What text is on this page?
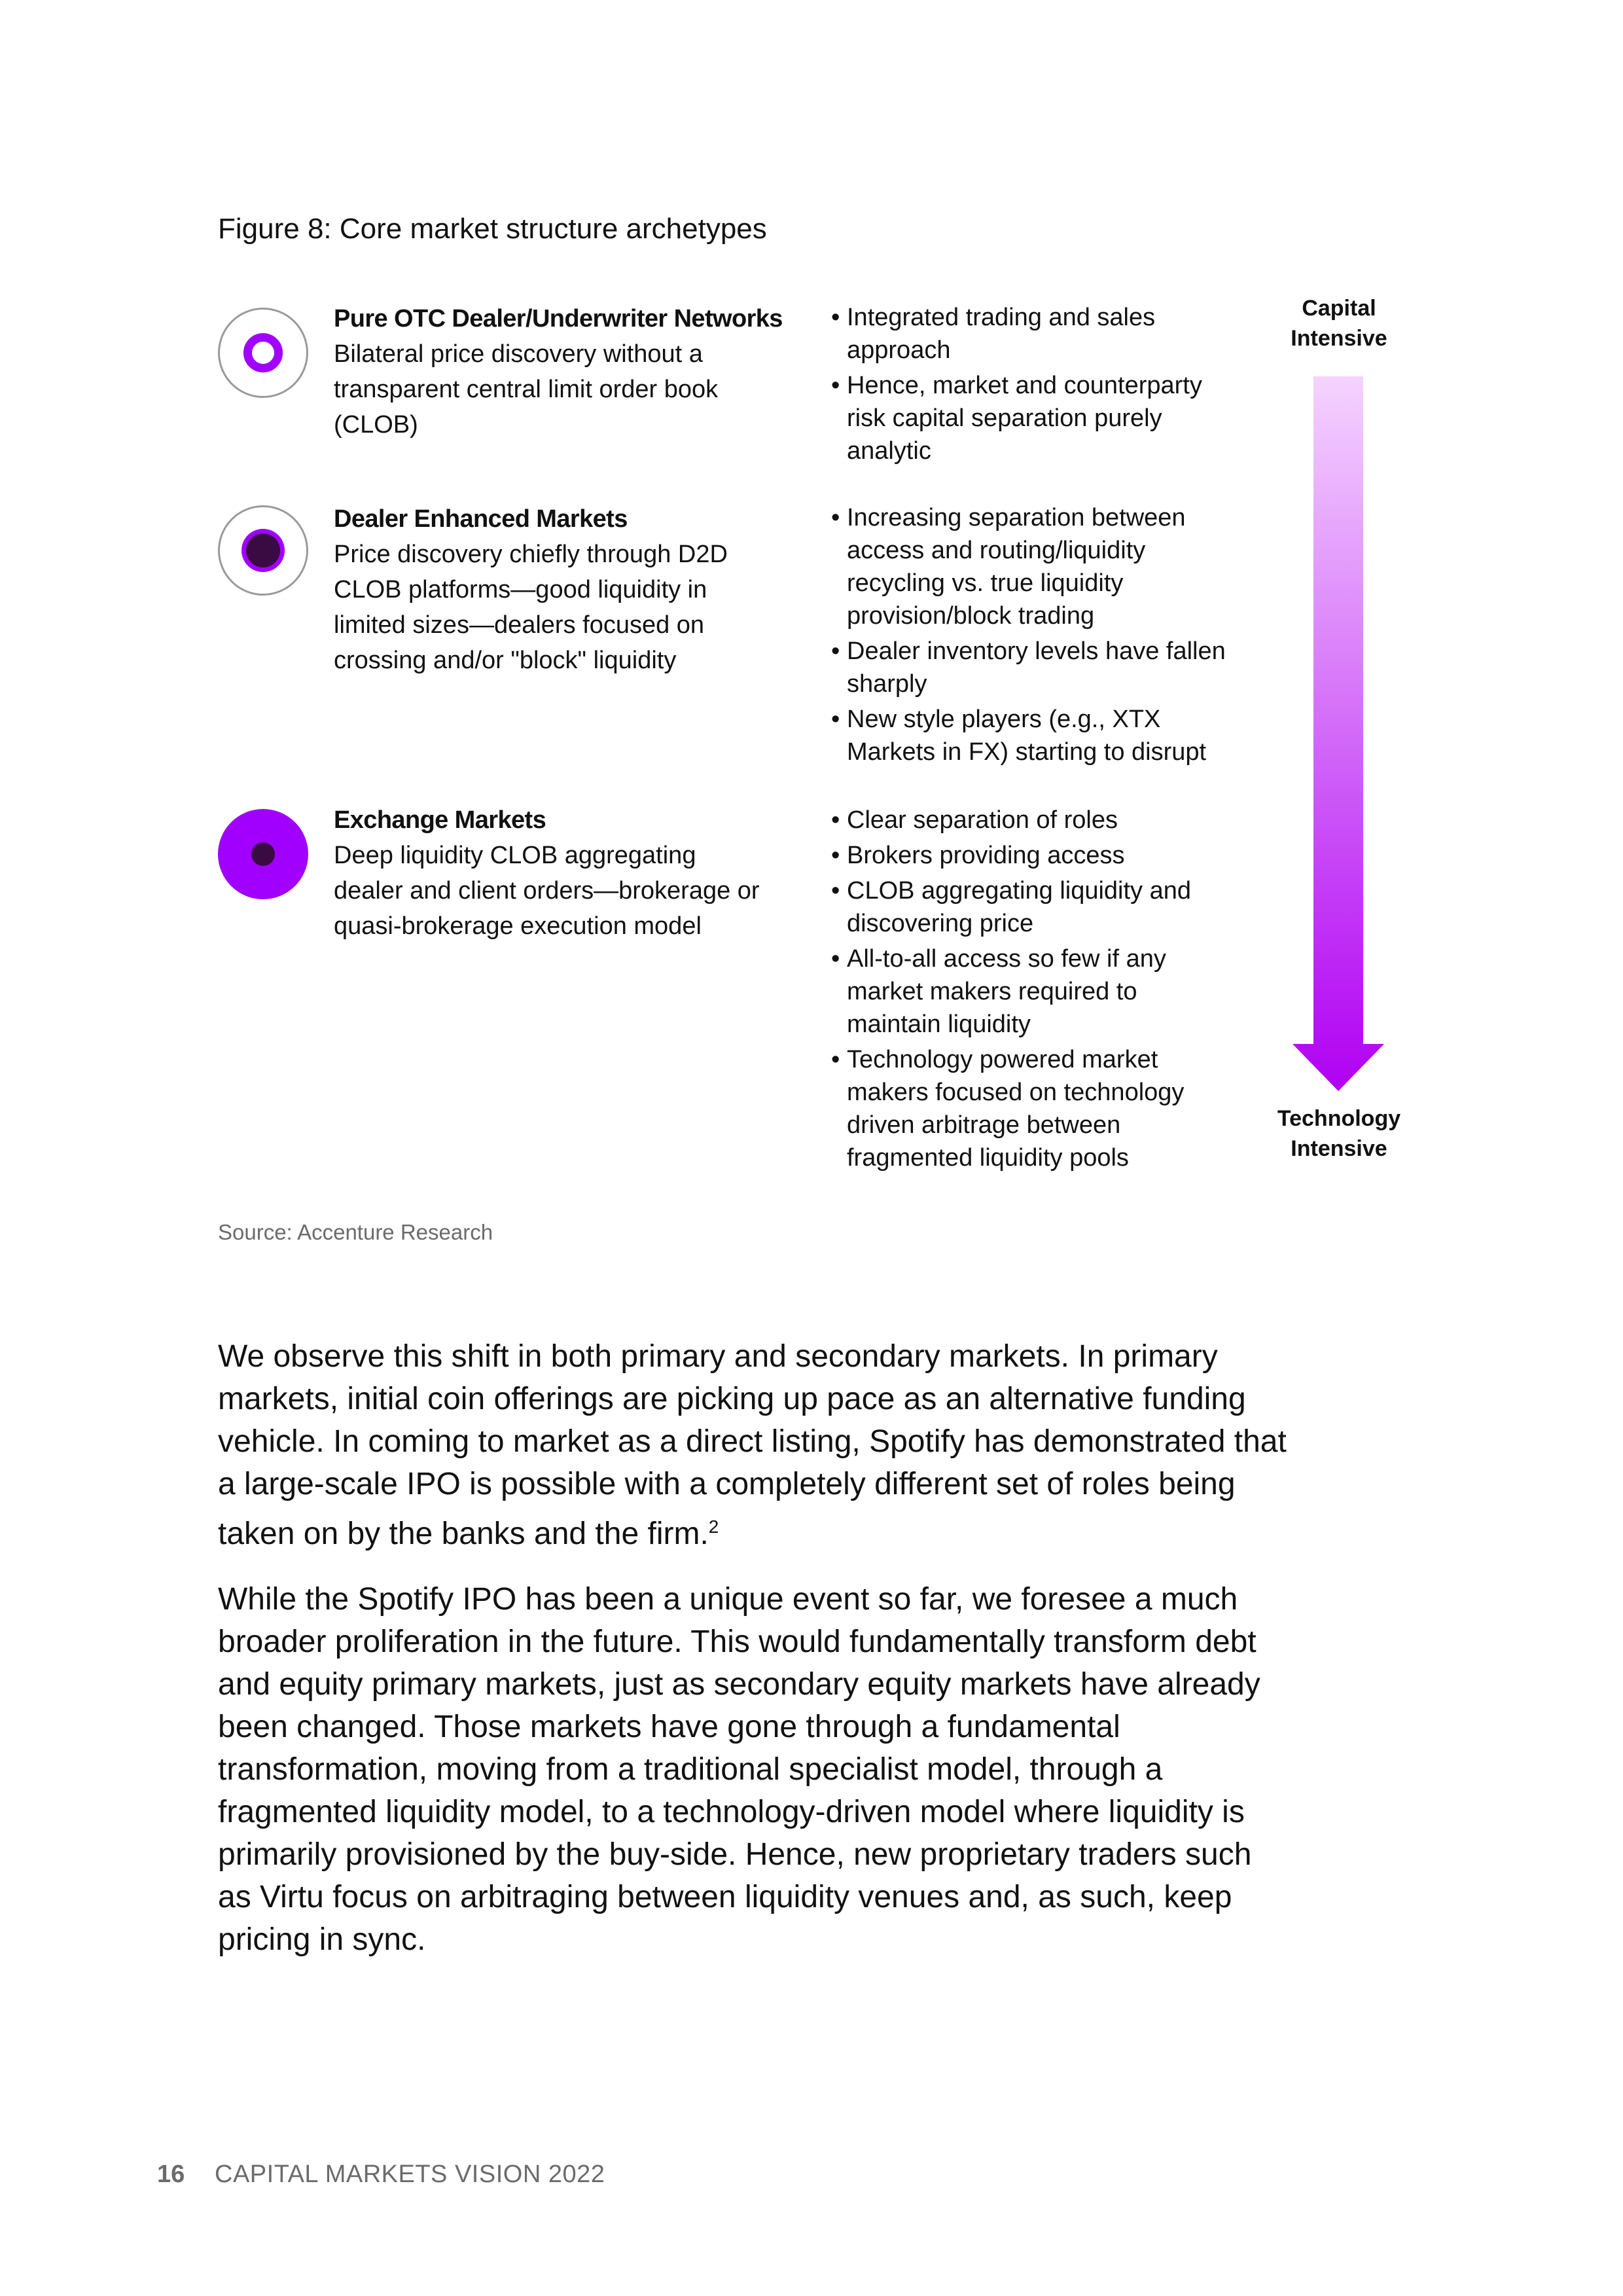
Figure 8: Core market structure archetypes
Pure OTC Dealer/Underwriter Networks
Bilateral price discovery without a transparent central limit order book (CLOB)
• Integrated trading and sales approach
• Hence, market and counterparty risk capital separation purely analytic
Dealer Enhanced Markets
Price discovery chiefly through D2D CLOB platforms—good liquidity in limited sizes—dealers focused on crossing and/or "block" liquidity
• Increasing separation between access and routing/liquidity recycling vs. true liquidity provision/block trading
• Dealer inventory levels have fallen sharply
• New style players (e.g., XTX Markets in FX) starting to disrupt
Exchange Markets
Deep liquidity CLOB aggregating dealer and client orders—brokerage or quasi-brokerage execution model
• Clear separation of roles
• Brokers providing access
• CLOB aggregating liquidity and discovering price
• All-to-all access so few if any market makers required to maintain liquidity
• Technology powered market makers focused on technology driven arbitrage between fragmented liquidity pools
Capital Intensive
Technology Intensive
Source: Accenture Research
We observe this shift in both primary and secondary markets. In primary markets, initial coin offerings are picking up pace as an alternative funding vehicle. In coming to market as a direct listing, Spotify has demonstrated that a large-scale IPO is possible with a completely different set of roles being taken on by the banks and the firm.$^2$
While the Spotify IPO has been a unique event so far, we foresee a much broader proliferation in the future. This would fundamentally transform debt and equity primary markets, just as secondary equity markets have already been changed. Those markets have gone through a fundamental transformation, moving from a traditional specialist model, through a fragmented liquidity model, to a technology-driven model where liquidity is primarily provisioned by the buy-side. Hence, new proprietary traders such as Virtu focus on arbitraging between liquidity venues and, as such, keep pricing in sync.
16 CAPITAL MARKETS VISION 2022
